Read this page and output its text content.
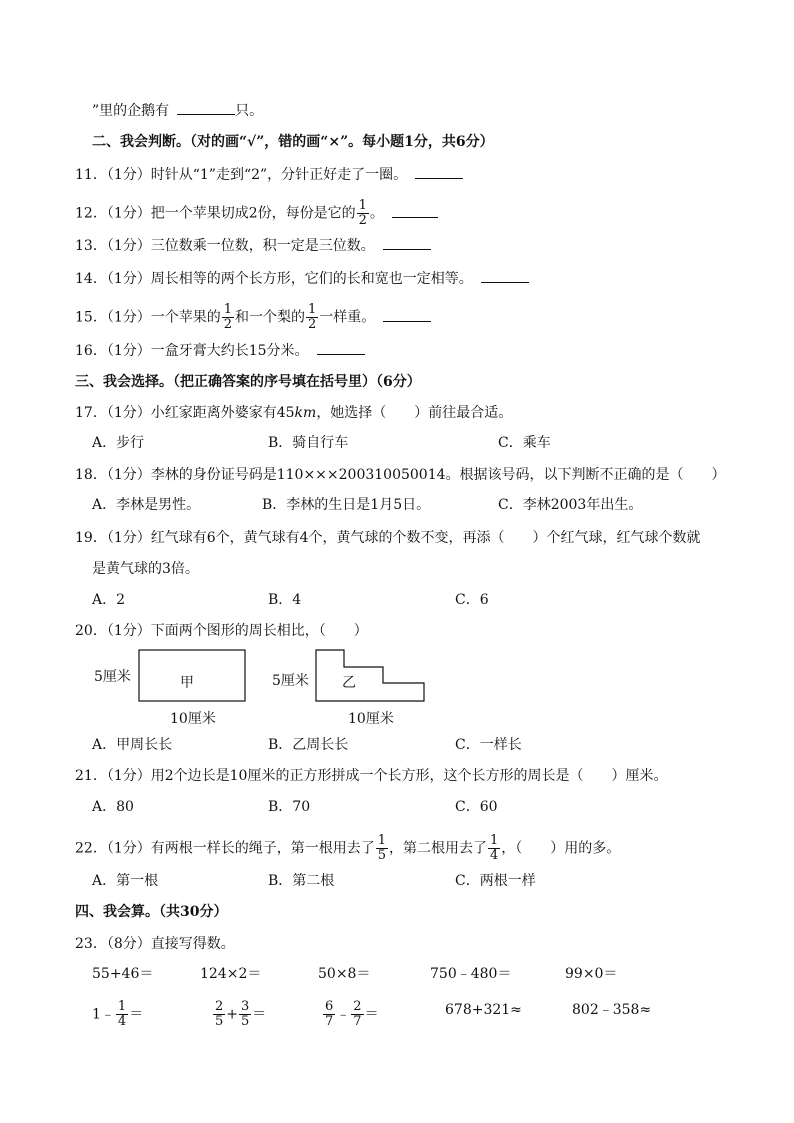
”里的企鹅有	只。
二、我会判断。（对的画“√”，错的画“×”。每小题1分，共6分）
11．（1分）时针从“1”走到“2”，分针正好走了一圈。
12．（1分）把一个苹果切成2份，每份是它的 $\frac{1}{2}$ 。
13．（1分）三位数乘一位数，积一定是三位数。
14．（1分）周长相等的两个长方形，它们的长和宽也一定相等。
15．（1分）一个苹果的 $\frac{1}{2}$ 和一个梨的 $\frac{1}{2}$ 一样重。
16．（1分）一盒牙膏大约长15分米。
三、我会选择。（把正确答案的序号填在括号里）（6分）
17．（1分）小红家距离外婆家有45km，她选择（　　）前往最合适。
A．步行	B．骑自行车	C．乘车
18．（1分）李林的身份证号码是110×××200310050014。根据该号码，以下判断不正确的是（　　）
A．李林是男性。	B．李林的生日是1月5日。	C．李林2003年出生。
19．（1分）红气球有6个，黄气球有4个，黄气球的个数不变，再添（　　）个红气球，红气球个数就
是黄气球的3倍。
A．2	B．4	C．6
20．（1分）下面两个图形的周长相比，（　　）
5厘米	甲
10厘米
5厘米 乙
10厘米
A．甲周长长	B．乙周长长	C．一样长
21．（1分）用2个边长是10厘米的正方形拼成一个长方形，这个长方形的周长是（　　）厘米。
A．80	B．70	C．60
22．（1分）有两根一样长的绳子，第一根用去了 $\frac{1}{5}$ ，第二根用去了 $\frac{1}{4}$ ，（　　）用的多。
A．第一根	B．第二根	C．两根一样
四、我会算。（共30分）
23．（8分）直接写得数。
55+46＝	124×2＝	50×8＝	750﹣480＝	99×0＝
1﹣ $\frac{1}{4}$ ＝	$\frac{2}{5} + \frac{3}{5}$ ＝	$\frac{6}{7}$ ﹣ $\frac{2}{7}$ ＝	678+321≈	802﹣358≈
